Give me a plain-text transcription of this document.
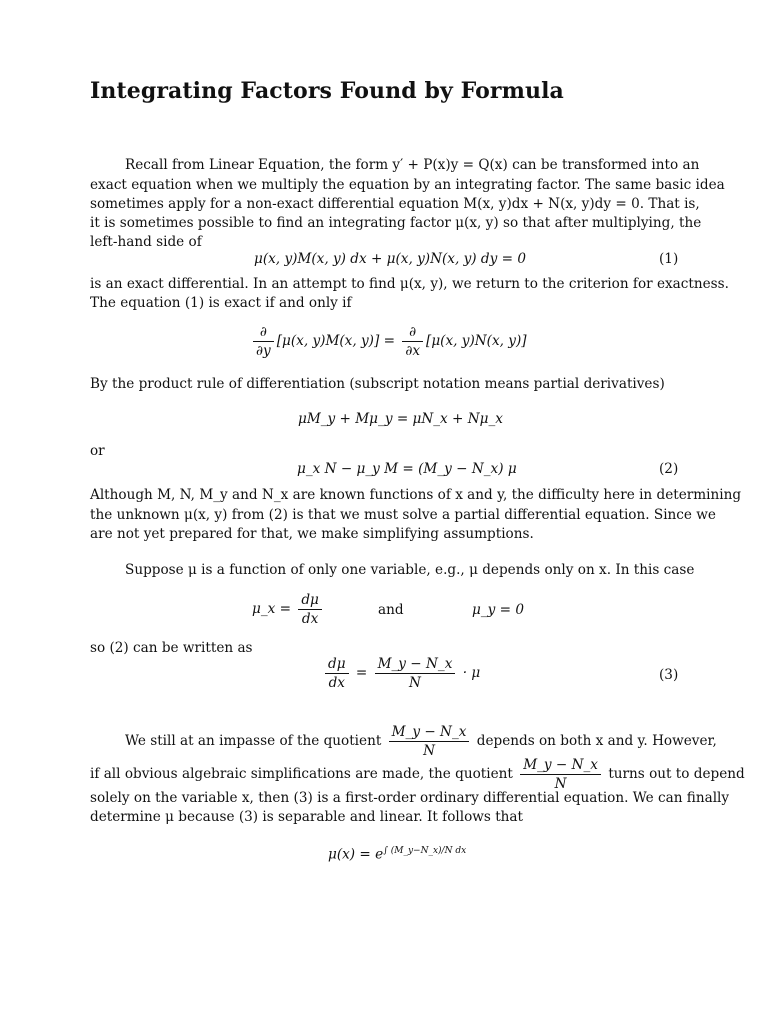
Integrating Factors Found by Formula
Recall from Linear Equation, the form y′ + P(x)y = Q(x) can be transformed into an
exact equation when we multiply the equation by an integrating factor. The same basic idea
sometimes apply for a non-exact differential equation M(x, y)dx + N(x, y)dy = 0. That is,
it is sometimes possible to find an integrating factor μ(x, y) so that after multiplying, the
left-hand side of
μ(x, y)M(x, y) dx + μ(x, y)N(x, y) dy = 0	(1)
is an exact differential. In an attempt to find μ(x, y), we return to the criterion for exactness.
The equation (1) is exact if and only if
$\frac{\partial}{\partial y} [\mu(x$, y)M(x, $y)] = \frac{\partial}{\partial x} [\mu(x$, y)N(x, y)]
By the product rule of differentiation (subscript notation means partial derivatives)
μM_y + Mμ_y = μN_x + Nμ_x
or
μ_x N − μ_y M = (M_y − N_x) μ	(2)
Although M, N, M_y and N_x are known functions of x and y, the difficulty here in determining
the unknown μ(x, y) from (2) is that we must solve a partial differential equation. Since we
are not yet prepared for that, we make simplifying assumptions.
Suppose μ is a function of only one variable, e.g., μ depends only on x. In this case
μ_x = $\frac{d\mu}{dx}$	and	μ_y = 0
so (2) can be written as
$\frac{d\mu}{dx} = \frac{M\_y - N\_x}{N} \cdot \mu$	(3)
We still at an impasse of the quotient $\frac{M\_y - N\_x}{N}$ depends on both x and y. However,
if all obvious algebraic simplifications are made, the quotient $\frac{M\_y - N\_x}{N}$ turns out to depend
solely on the variable x, then (3) is a first-order ordinary differential equation. We can finally
determine μ because (3) is separable and linear. It follows that
$\mu(x) = e^{\int (M\_y-N\_x)/N dx}$
